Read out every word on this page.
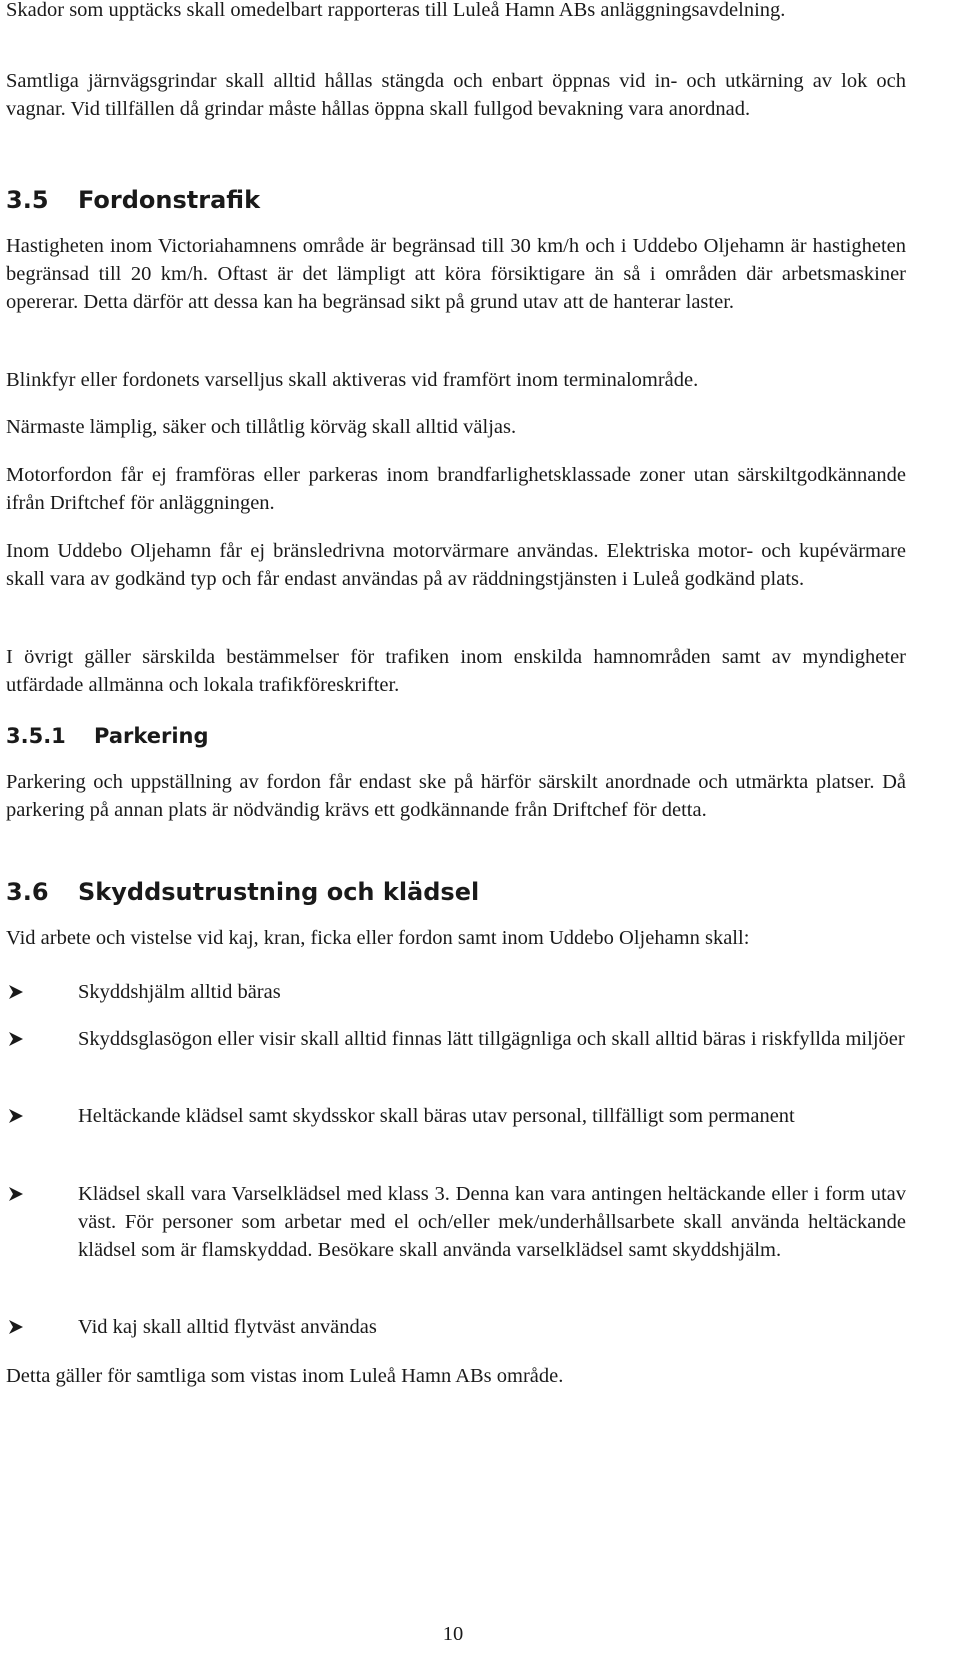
Skador som upptäcks skall omedelbart rapporteras till Luleå Hamn ABs anläggningsavdelning.

Samtliga järnvägsgrindar skall alltid hållas stängda och enbart öppnas vid in- och utkärning av lok och vagnar. Vid tillfällen då grindar måste hållas öppna skall fullgod bevakning vara anordnad.

3.5	Fordonstrafik

Hastigheten inom Victoriahamnens område är begränsad till 30 km/h och i Uddebo Oljehamn är hastigheten begränsad till 20 km/h. Oftast är det lämpligt att köra försiktigare än så i områden där arbetsmaskiner opererar. Detta därför att dessa kan ha begränsad sikt på grund utav att de hanterar laster.

Blinkfyr eller fordonets varselljus skall aktiveras vid framfört inom terminalområde.

Närmaste lämplig, säker och tillåtlig körväg skall alltid väljas.

Motorfordon får ej framföras eller parkeras inom brandfarlighetsklassade zoner utan särskiltgodkännande ifrån Driftchef för anläggningen.

Inom Uddebo Oljehamn får ej bränsledrivna motorvärmare användas. Elektriska motor- och kupévärmare skall vara av godkänd typ och får endast användas på av räddningstjänsten i Luleå godkänd plats.

I övrigt gäller särskilda bestämmelser för trafiken inom enskilda hamnområden samt av myndigheter utfärdade allmänna och lokala trafikföreskrifter.

3.5.1	Parkering

Parkering och uppställning av fordon får endast ske på härför särskilt anordnade och utmärkta platser. Då parkering på annan plats är nödvändig krävs ett godkännande från Driftchef för detta.

3.6	Skyddsutrustning och klädsel

Vid arbete och vistelse vid kaj, kran, ficka eller fordon samt inom Uddebo Oljehamn skall:

Skyddshjälm alltid bäras
Skyddsglasögon eller visir skall alltid finnas lätt tillgägnliga och skall alltid bäras i riskfyllda miljöer
Heltäckande klädsel samt skydsskor skall bäras utav personal, tillfälligt som permanent
Klädsel skall vara Varselklädsel med klass 3. Denna kan vara antingen heltäckande eller i form utav väst. För personer som arbetar med el och/eller mek/underhållsarbete skall använda heltäckande klädsel som är flamskyddad. Besökare skall använda varselklädsel samt skyddshjälm.
Vid kaj skall alltid flytväst användas

Detta gäller för samtliga som vistas inom Luleå Hamn ABs område.

10
